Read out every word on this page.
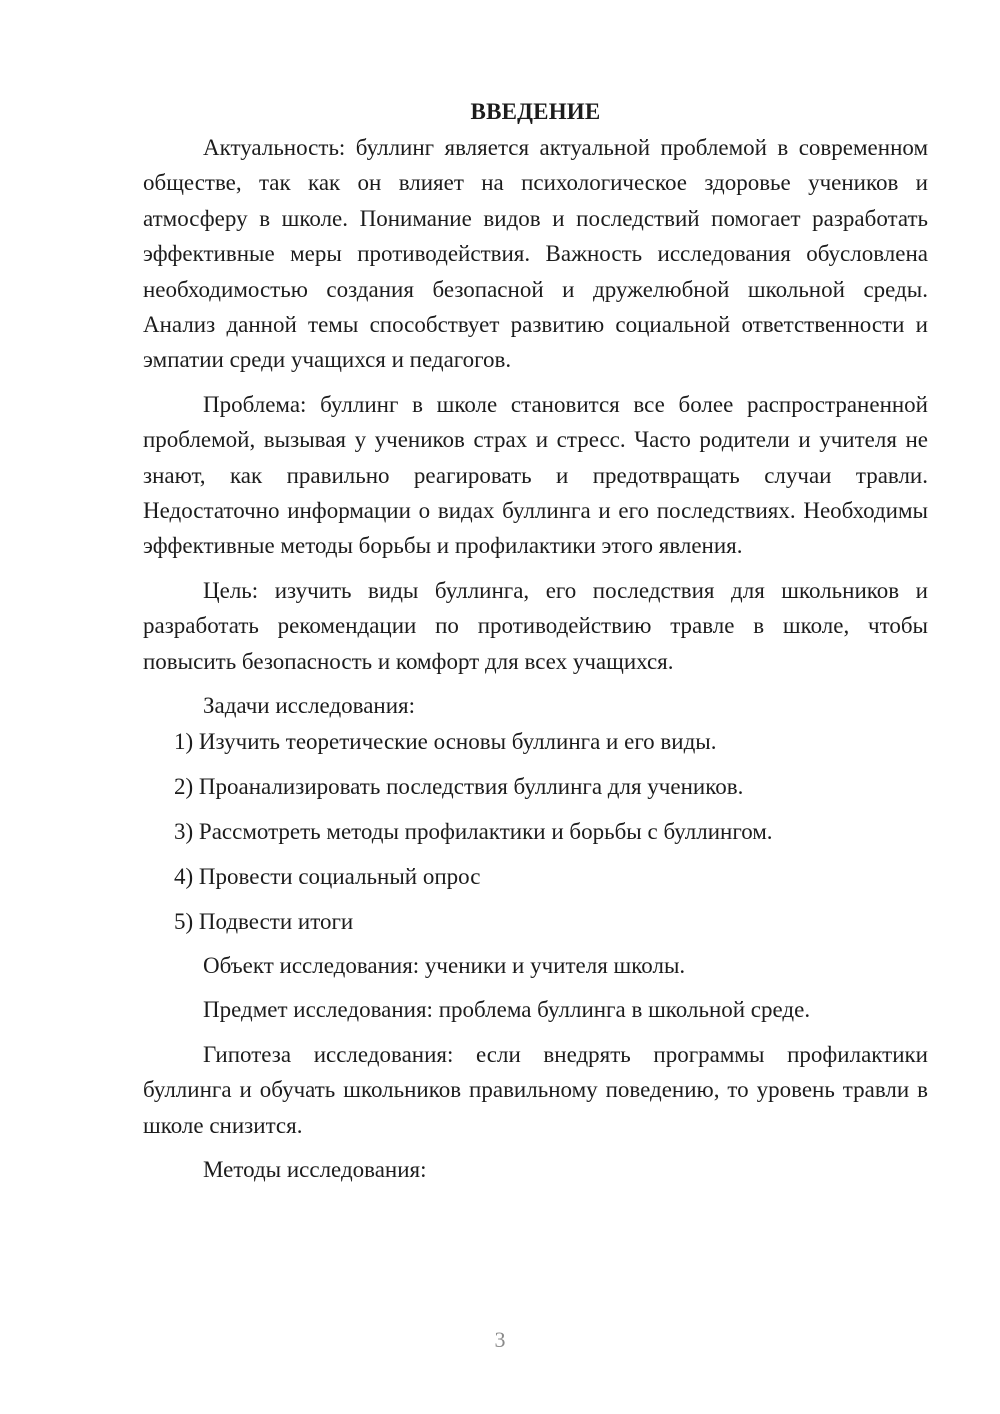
ВВЕДЕНИЕ

Актуальность: буллинг является актуальной проблемой в современном обществе, так как он влияет на психологическое здоровье учеников и атмосферу в школе. Понимание видов и последствий помогает разработать эффективные меры противодействия. Важность исследования обусловлена необходимостью создания безопасной и дружелюбной школьной среды. Анализ данной темы способствует развитию социальной ответственности и эмпатии среди учащихся и педагогов.

Проблема: буллинг в школе становится все более распространенной проблемой, вызывая у учеников страх и стресс. Часто родители и учителя не знают, как правильно реагировать и предотвращать случаи травли. Недостаточно информации о видах буллинга и его последствиях. Необходимы эффективные методы борьбы и профилактики этого явления.

Цель: изучить виды буллинга, его последствия для школьников и разработать рекомендации по противодействию травле в школе, чтобы повысить безопасность и комфорт для всех учащихся.

Задачи исследования:

1) Изучить теоретические основы буллинга и его виды.
2) Проанализировать последствия буллинга для учеников.
3) Рассмотреть методы профилактики и борьбы с буллингом.
4) Провести социальный опрос
5) Подвести итоги

Объект исследования: ученики и учителя школы.

Предмет исследования: проблема буллинга в школьной среде.

Гипотеза исследования: если внедрять программы профилактики буллинга и обучать школьников правильному поведению, то уровень травли в школе снизится.

Методы исследования:

3
